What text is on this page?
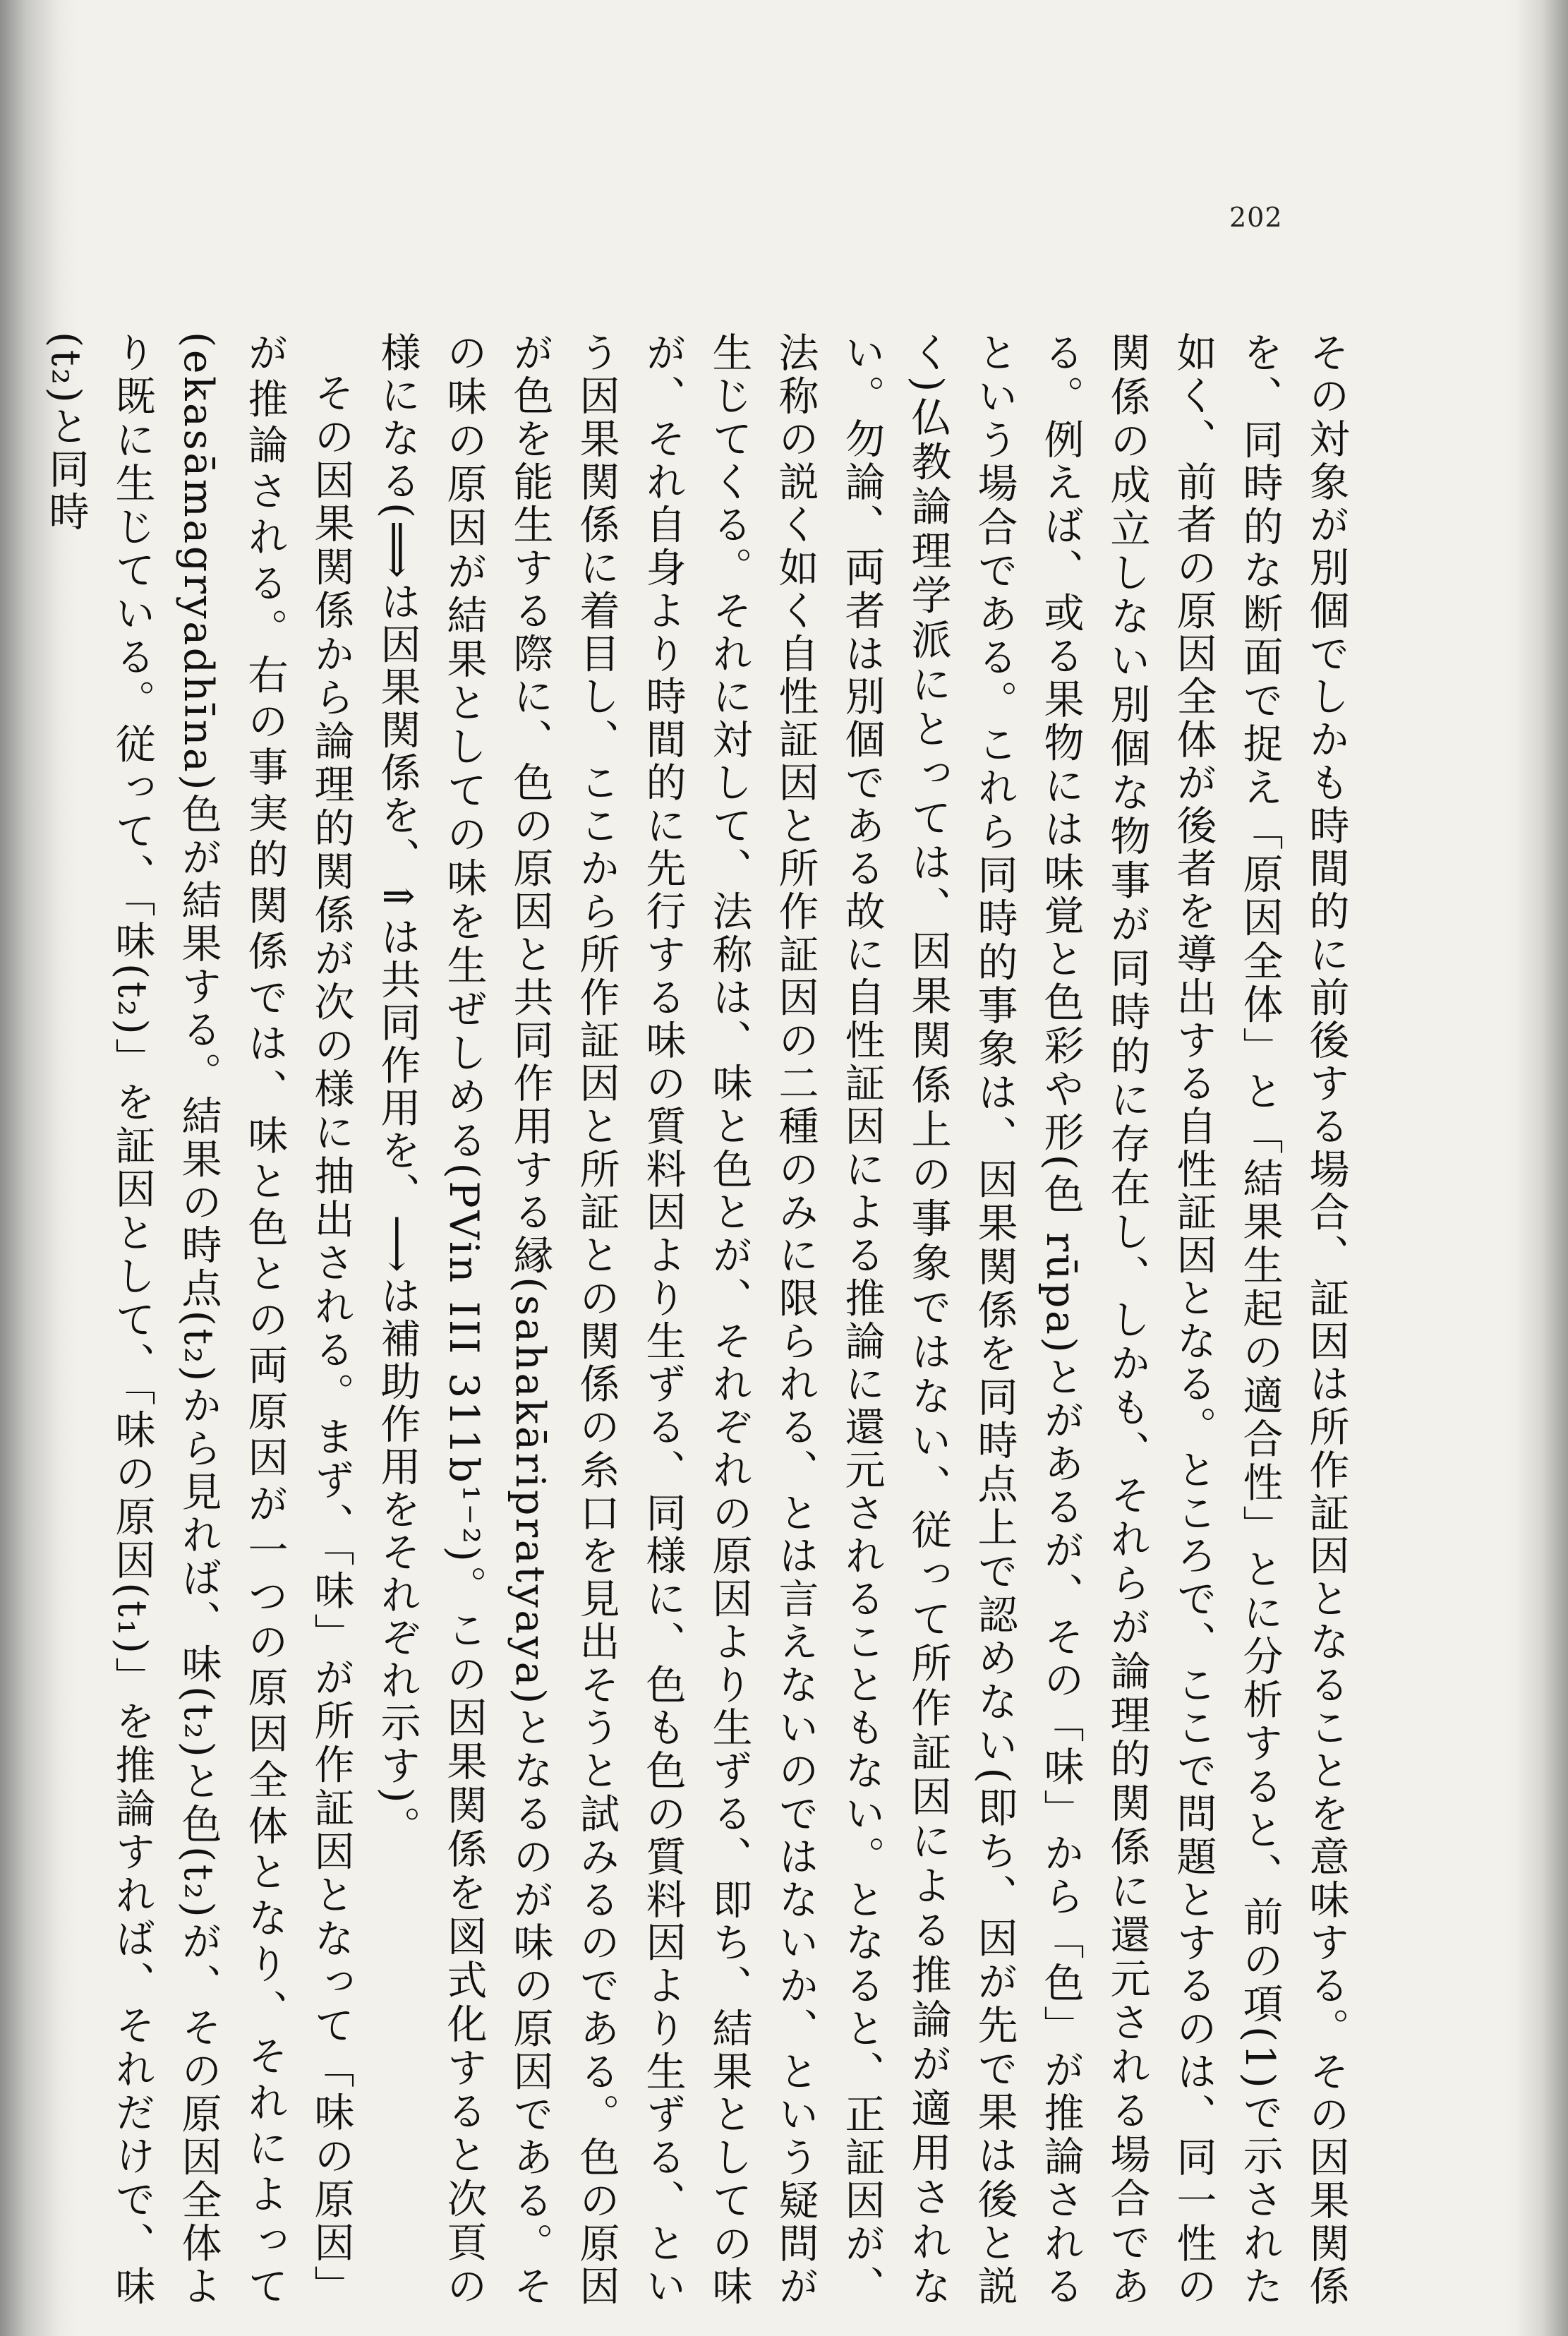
202

その対象が別個でしかも時間的に前後する場合、証因は所作証因となることを意味する。その因果関係を、同時的な断面で捉え「原因全体」と「結果生起の適合性」とに分析すると、前の項(1)で示された如く、前者の原因全体が後者を導出する自性証因となる。ところで、ここで問題とするのは、同一性の関係の成立しない別個な物事が同時的に存在し、しかも、それらが論理的関係に還元される場合である。例えば、或る果物には味覚と色彩や形(色 rūpa)とがあるが、その「味」から「色」が推論されるという場合である。これら同時的事象は、因果関係を同時点上で認めない(即ち、因が先で果は後と説く)仏教論理学派にとっては、因果関係上の事象ではない、従って所作証因による推論が適用されない。勿論、両者は別個である故に自性証因による推論に還元されることもない。となると、正証因が、法称の説く如く自性証因と所作証因の二種のみに限られる、とは言えないのではないか、という疑問が生じてくる。それに対して、法称は、味と色とが、それぞれの原因より生ずる、即ち、結果としての味が、それ自身より時間的に先行する味の質料因より生ずる、同様に、色も色の質料因より生ずる、という因果関係に着目し、ここから所作証因と所証との関係の糸口を見出そうと試みるのである。色の原因が色を能生する際に、色の原因と共同作用する縁(sahakāripratyaya)となるのが味の原因である。その味の原因が結果としての味を生ぜしめる(PVin III 311b¹⁻²)。この因果関係を図式化すると次頁の様になる(⟹は因果関係を、⇑は共同作用を、⟶は補助作用をそれぞれ示す)。

その因果関係から論理的関係が次の様に抽出される。まず、「味」が所作証因となって「味の原因」が推論される。右の事実的関係では、味と色との両原因が一つの原因全体となり、それによって(ekasāmagryadhīna)色が結果する。結果の時点(t₂)から見れば、味(t₂)と色(t₂)が、その原因全体より既に生じている。従って、「味(t₂)」を証因として、「味の原因(t₁)」を推論すれば、それだけで、味(t₂)と同時
